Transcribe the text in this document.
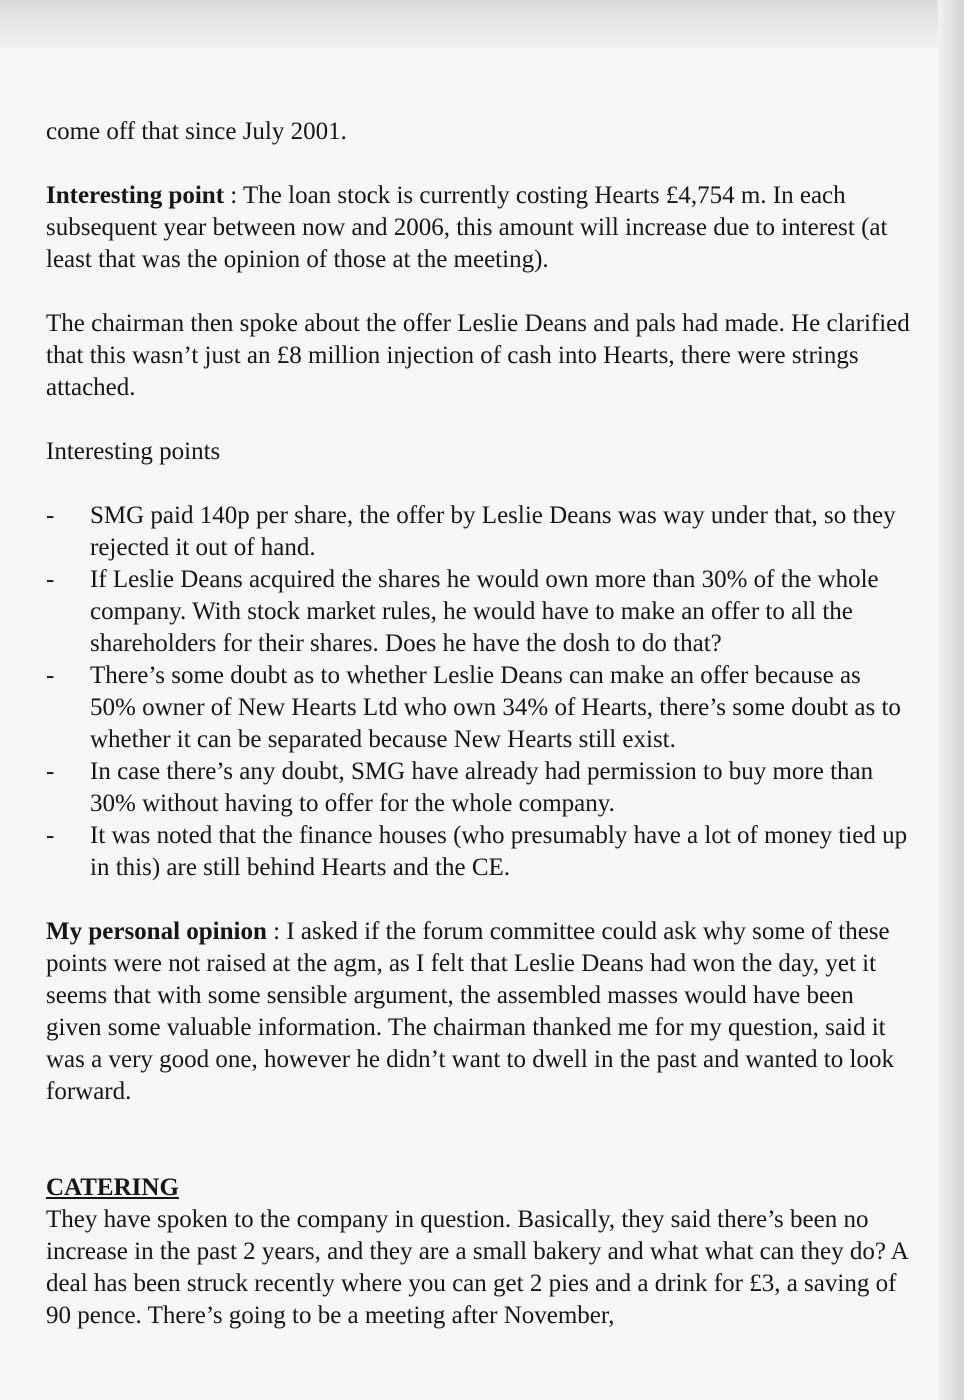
come off that since July 2001.

Interesting point : The loan stock is currently costing Hearts £4,754 m. In each subsequent year between now and 2006, this amount will increase due to interest (at least that was the opinion of those at the meeting).

The chairman then spoke about the offer Leslie Deans and pals had made. He clarified that this wasn’t just an £8 million injection of cash into Hearts, there were strings attached.

Interesting points

-	SMG paid 140p per share, the offer by Leslie Deans was way under that, so they rejected it out of hand.
-	If Leslie Deans acquired the shares he would own more than 30% of the whole company. With stock market rules, he would have to make an offer to all the shareholders for their shares. Does he have the dosh to do that?
-	There’s some doubt as to whether Leslie Deans can make an offer because as 50% owner of New Hearts Ltd who own 34% of Hearts, there’s some doubt as to whether it can be separated because New Hearts still exist.
-	In case there’s any doubt, SMG have already had permission to buy more than 30% without having to offer for the whole company.
-	It was noted that the finance houses (who presumably have a lot of money tied up in this) are still behind Hearts and the CE.

My personal opinion : I asked if the forum committee could ask why some of these points were not raised at the agm, as I felt that Leslie Deans had won the day, yet it seems that with some sensible argument, the assembled masses would have been given some valuable information. The chairman thanked me for my question, said it was a very good one, however he didn’t want to dwell in the past and wanted to look forward.

CATERING

They have spoken to the company in question. Basically, they said there’s been no increase in the past 2 years, and they are a small bakery and what what can they do? A deal has been struck recently where you can get 2 pies and a drink for £3, a saving of 90 pence. There’s going to be a meeting after November,
